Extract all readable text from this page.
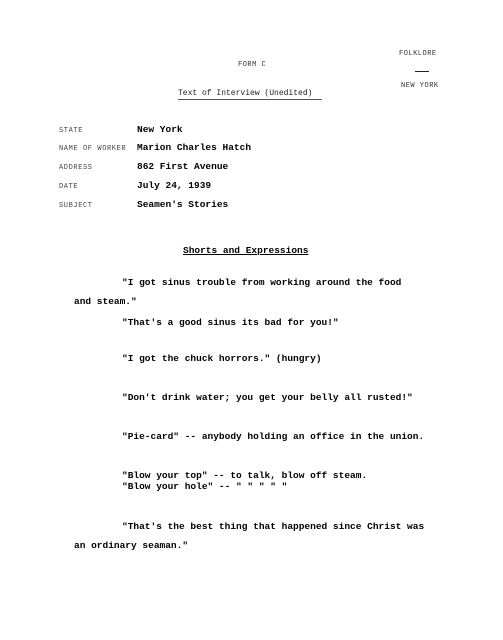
FOLKLORE
NEW YORK
FORM C
Text of Interview (Unedited)
STATE
NAME OF WORKER
ADDRESS
DATE
SUBJECT
New York
Marion Charles Hatch
862 First Avenue
July 24, 1939
Seamen's Stories
Shorts and Expressions
"I got sinus trouble from working around the food
and steam."
"That's a good sinus its bad for you!"
"I got the chuck horrors." (hungry)
"Don't drink water; you get your belly all rusted!"
"Pie-card" -- anybody holding an office in the union.
"Blow your top" -- to talk, blow off steam.
"Blow your hole" -- " " " " "
"That's the best thing that happened since Christ was
an ordinary seaman."
